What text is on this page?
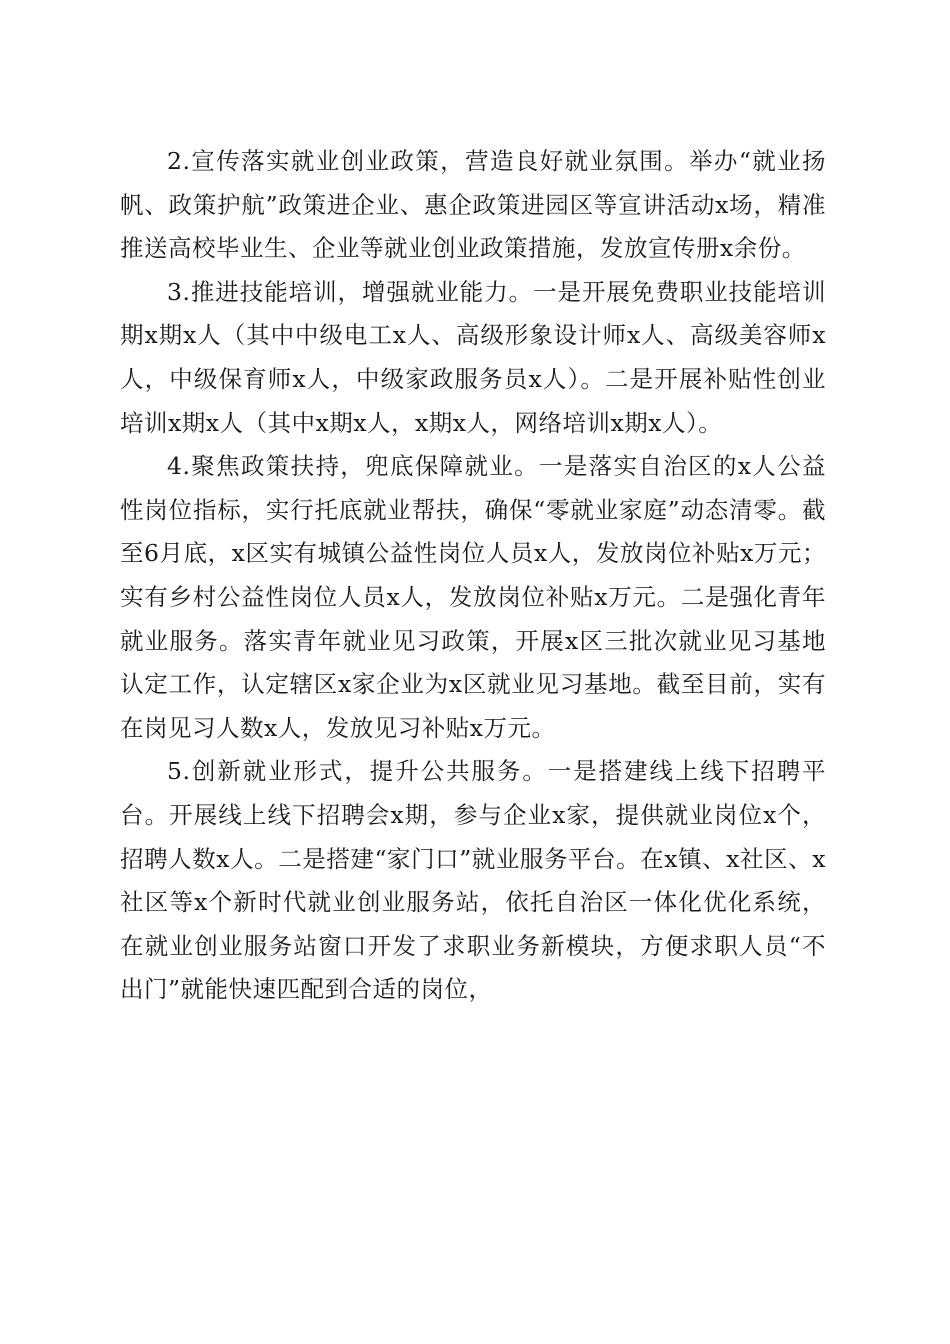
2.宣传落实就业创业政策，营造良好就业氛围。举办“就业扬帆、政策护航”政策进企业、惠企政策进园区等宣讲活动x场，精准推送高校毕业生、企业等就业创业政策措施，发放宣传册x余份。

3.推进技能培训，增强就业能力。一是开展免费职业技能培训期x期x人（其中中级电工x人、高级形象设计师x人、高级美容师x人，中级保育师x人，中级家政服务员x人）。二是开展补贴性创业培训x期x人（其中x期x人，x期x人，网络培训x期x人）。

4.聚焦政策扶持，兜底保障就业。一是落实自治区的x人公益性岗位指标，实行托底就业帮扶，确保“零就业家庭”动态清零。截至6月底，x区实有城镇公益性岗位人员x人，发放岗位补贴x万元；实有乡村公益性岗位人员x人，发放岗位补贴x万元。二是强化青年就业服务。落实青年就业见习政策，开展x区三批次就业见习基地认定工作，认定辖区x家企业为x区就业见习基地。截至目前，实有在岗见习人数x人，发放见习补贴x万元。

5.创新就业形式，提升公共服务。一是搭建线上线下招聘平台。开展线上线下招聘会x期，参与企业x家，提供就业岗位x个，招聘人数x人。二是搭建“家门口”就业服务平台。在x镇、x社区、x社区等x个新时代就业创业服务站，依托自治区一体化优化系统，在就业创业服务站窗口开发了求职业务新模块，方便求职人员“不出门”就能快速匹配到合适的岗位，
